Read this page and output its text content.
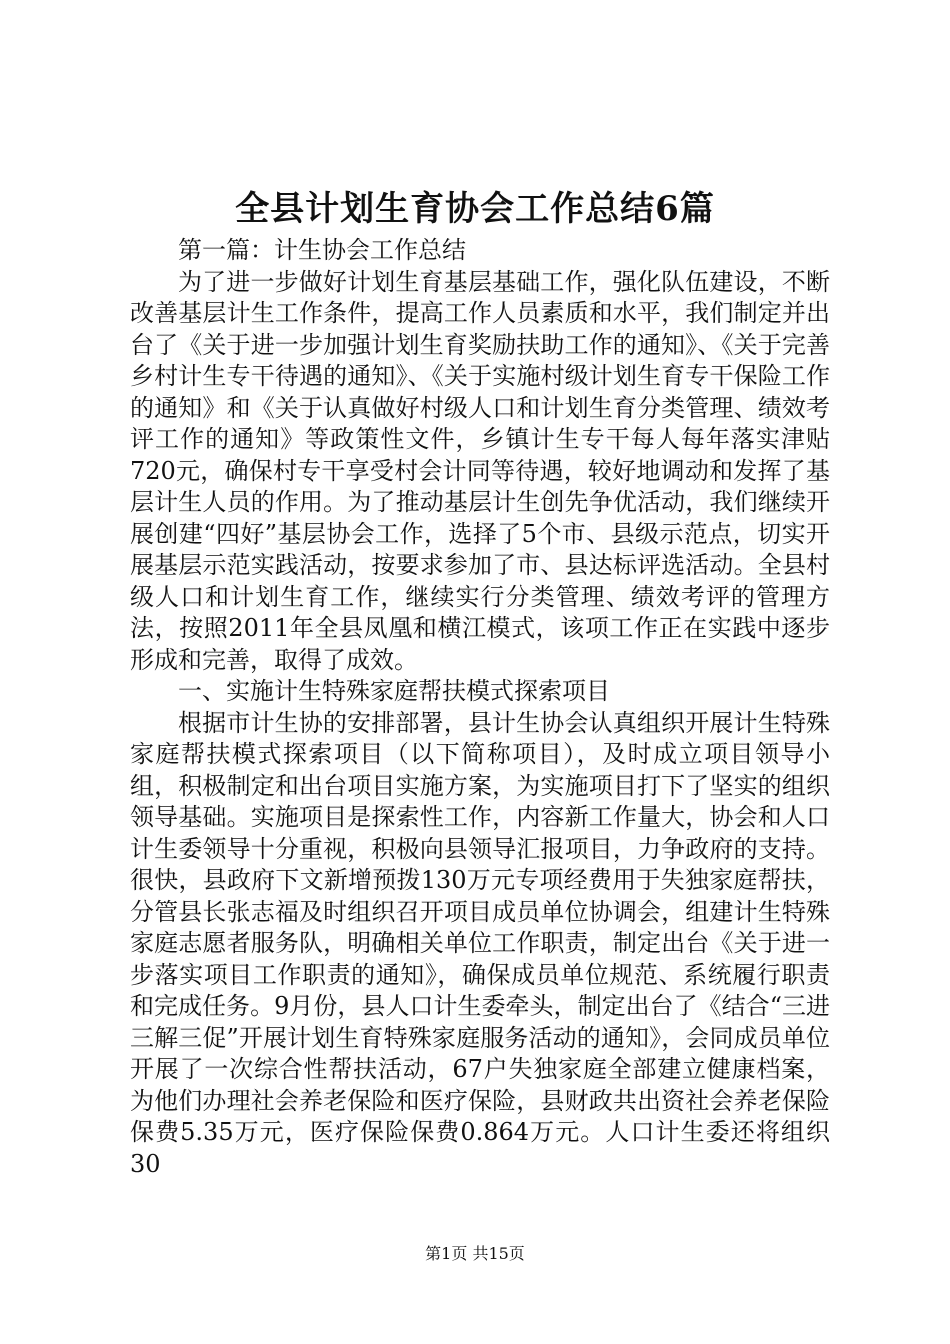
全县计划生育协会工作总结6篇

第一篇：计生协会工作总结

为了进一步做好计划生育基层基础工作，强化队伍建设，不断改善基层计生工作条件，提高工作人员素质和水平，我们制定并出台了《关于进一步加强计划生育奖励扶助工作的通知》、《关于完善乡村计生专干待遇的通知》、《关于实施村级计划生育专干保险工作的通知》和《关于认真做好村级人口和计划生育分类管理、绩效考评工作的通知》等政策性文件，乡镇计生专干每人每年落实津贴720元，确保村专干享受村会计同等待遇，较好地调动和发挥了基层计生人员的作用。为了推动基层计生创先争优活动，我们继续开展创建“四好”基层协会工作，选择了5个市、县级示范点，切实开展基层示范实践活动，按要求参加了市、县达标评选活动。全县村级人口和计划生育工作，继续实行分类管理、绩效考评的管理方法，按照2011年全县凤凰和横江模式，该项工作正在实践中逐步形成和完善，取得了成效。

一、实施计生特殊家庭帮扶模式探索项目

根据市计生协的安排部署，县计生协会认真组织开展计生特殊家庭帮扶模式探索项目（以下简称项目），及时成立项目领导小组，积极制定和出台项目实施方案，为实施项目打下了坚实的组织领导基础。实施项目是探索性工作，内容新工作量大，协会和人口计生委领导十分重视，积极向县领导汇报项目，力争政府的支持。很快，县政府下文新增预拨130万元专项经费用于失独家庭帮扶，分管县长张志福及时组织召开项目成员单位协调会，组建计生特殊家庭志愿者服务队，明确相关单位工作职责，制定出台《关于进一步落实项目工作职责的通知》，确保成员单位规范、系统履行职责和完成任务。9月份，县人口计生委牵头，制定出台了《结合“三进三解三促”开展计划生育特殊家庭服务活动的通知》，会同成员单位开展了一次综合性帮扶活动，67户失独家庭全部建立健康档案，为他们办理社会养老保险和医疗保险，县财政共出资社会养老保险保费5.35万元，医疗保险保费0.864万元。人口计生委还将组织30

第1页 共15页
